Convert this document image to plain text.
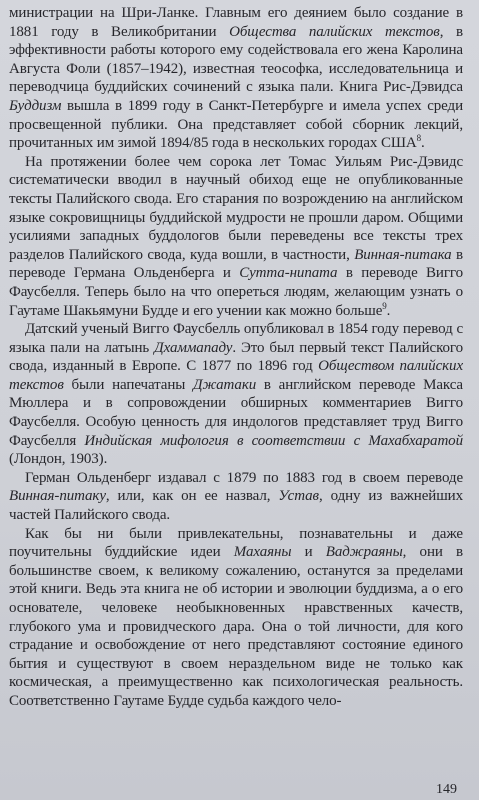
министрации на Шри-Ланке. Главным его деянием было создание в 1881 году в Великобритании Общества палийских текстов, в эффективности работы которого ему содействовала его жена Каролина Августа Фоли (1857–1942), известная теософка, исследовательница и переводчица буддийских сочинений с языка пали. Книга Рис-Дэвидса Буддизм вышла в 1899 году в Санкт-Петербурге и имела успех среди просвещенной публики. Она представляет собой сборник лекций, прочитанных им зимой 1894/85 года в нескольких городах США$^8$.

На протяжении более чем сорока лет Томас Уильям Рис-Дэвидс систематически вводил в научный обиход еще не опубликованные тексты Палийского свода. Его старания по возрождению на английском языке сокровищницы буддийской мудрости не прошли даром. Общими усилиями западных буддологов были переведены все тексты трех разделов Палийского свода, куда вошли, в частности, Винная-питака в переводе Германа Ольденберга и Сутта-нипата в переводе Вигго Фаусбелля. Теперь было на что опереться людям, желающим узнать о Гаутаме Шакьямуни Будде и его учении как можно больше$^9$.

Датский ученый Вигго Фаусбелль опубликовал в 1854 году перевод с языка пали на латынь Дхаммападу. Это был первый текст Палийского свода, изданный в Европе. С 1877 по 1896 год Обществом палийских текстов были напечатаны Джатаки в английском переводе Макса Мюллера и в сопровождении обширных комментариев Вигго Фаусбелля. Особую ценность для индологов представляет труд Вигго Фаусбелля Индийская мифология в соответствии с Махабхаратой (Лондон, 1903).

Герман Ольденберг издавал с 1879 по 1883 год в своем переводе Винная-питаку, или, как он ее назвал, Устав, одну из важнейших частей Палийского свода.

Как бы ни были привлекательны, познавательны и даже поучительны буддийские идеи Махаяны и Ваджраяны, они в большинстве своем, к великому сожалению, останутся за пределами этой книги. Ведь эта книга не об истории и эволюции буддизма, а о его основателе, человеке необыкновенных нравственных качеств, глубокого ума и провидческого дара. Она о той личности, для кого страдание и освобождение от него представляют состояние единого бытия и существуют в своем нераздельном виде не только как космическая, а преимущественно как психологическая реальность. Соответственно Гаутаме Будде судьба каждого чело-

149
